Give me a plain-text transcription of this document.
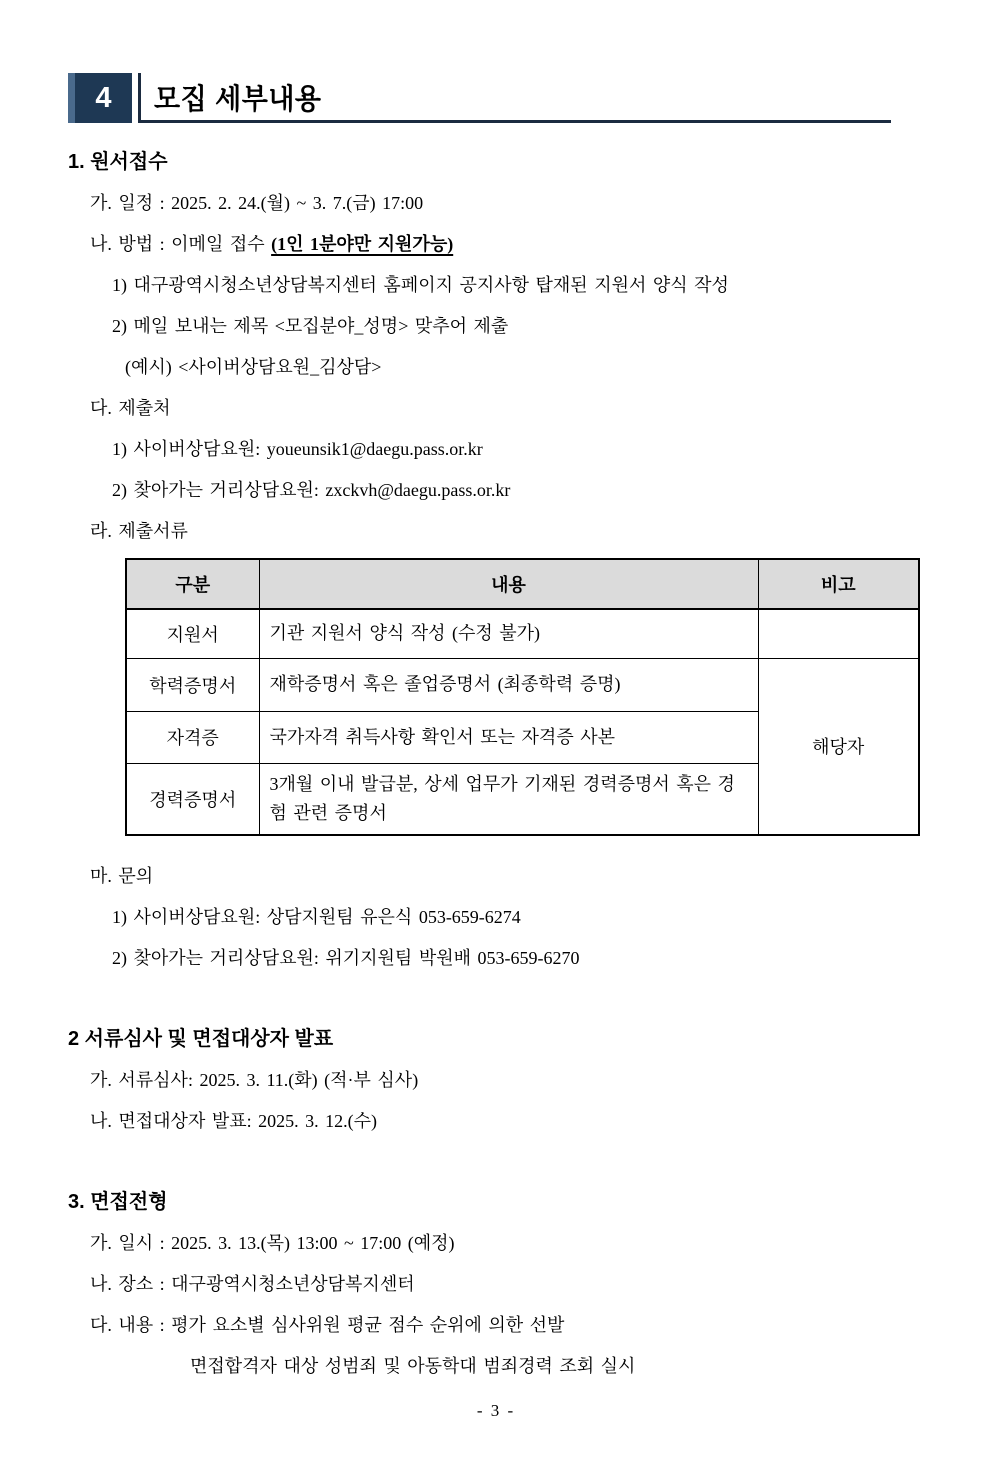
4	모집 세부내용
1. 원서접수
가. 일정 : 2025. 2. 24.(월) ~ 3. 7.(금) 17:00
나. 방법 : 이메일 접수 (1인 1분야만 지원가능)
1) 대구광역시청소년상담복지센터 홈페이지 공지사항 탑재된 지원서 양식 작성
2) 메일 보내는 제목 <모집분야_성명> 맞추어 제출
(예시) <사이버상담요원_김상담>
다. 제출처
1) 사이버상담요원: youeunsik1@daegu.pass.or.kr
2) 찾아가는 거리상담요원: zxckvh@daegu.pass.or.kr
라. 제출서류
구분	내용	비고
지원서	기관 지원서 양식 작성 (수정 불가)	
학력증명서	재학증명서 혹은 졸업증명서 (최종학력 증명)	해당자
자격증	국가자격 취득사항 확인서 또는 자격증 사본	
경력증명서	3개월 이내 발급분, 상세 업무가 기재된 경력증명서 혹은 경험 관련 증명서	
마. 문의
1) 사이버상담요원: 상담지원팀 유은식 053-659-6274
2) 찾아가는 거리상담요원: 위기지원팀 박원배 053-659-6270
2 서류심사 및 면접대상자 발표
가. 서류심사: 2025. 3. 11.(화) (적·부 심사)
나. 면접대상자 발표: 2025. 3. 12.(수)
3. 면접전형
가. 일시 : 2025. 3. 13.(목) 13:00 ~ 17:00 (예정)
나. 장소 : 대구광역시청소년상담복지센터
다. 내용 : 평가 요소별 심사위원 평균 점수 순위에 의한 선발
면접합격자 대상 성범죄 및 아동학대 범죄경력 조회 실시
- 3 -
